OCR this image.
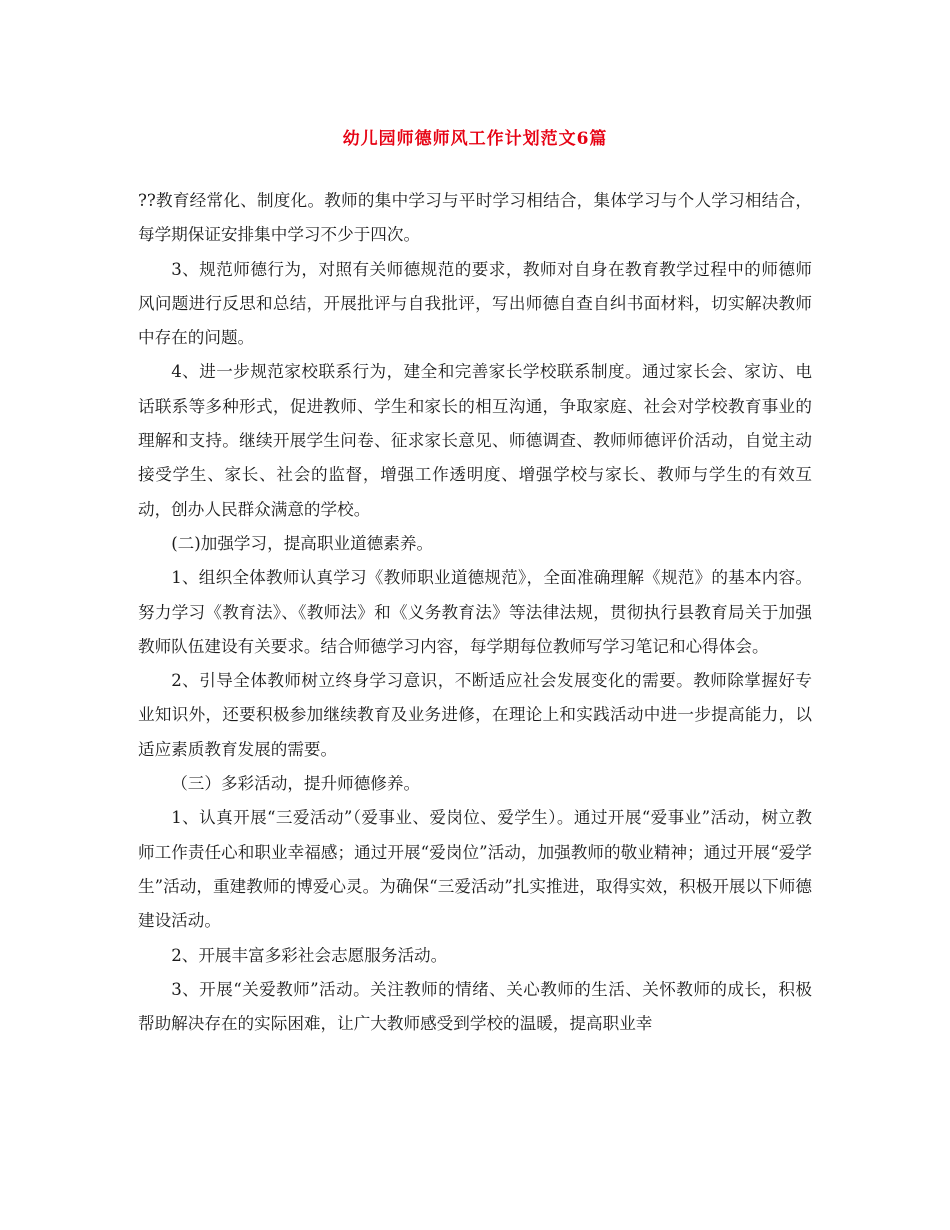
幼儿园师德师风工作计划范文6篇

??教育经常化、制度化。教师的集中学习与平时学习相结合，集体学习与个人学习相结合，每学期保证安排集中学习不少于四次。

3、规范师德行为，对照有关师德规范的要求，教师对自身在教育教学过程中的师德师风问题进行反思和总结，开展批评与自我批评，写出师德自查自纠书面材料，切实解决教师中存在的问题。

4、进一步规范家校联系行为，建全和完善家长学校联系制度。通过家长会、家访、电话联系等多种形式，促进教师、学生和家长的相互沟通，争取家庭、社会对学校教育事业的理解和支持。继续开展学生问卷、征求家长意见、师德调查、教师师德评价活动，自觉主动接受学生、家长、社会的监督，增强工作透明度、增强学校与家长、教师与学生的有效互动，创办人民群众满意的学校。

(二)加强学习，提高职业道德素养。

1、组织全体教师认真学习《教师职业道德规范》，全面准确理解《规范》的基本内容。努力学习《教育法》、《教师法》和《义务教育法》等法律法规，贯彻执行县教育局关于加强教师队伍建设有关要求。结合师德学习内容，每学期每位教师写学习笔记和心得体会。

2、引导全体教师树立终身学习意识，不断适应社会发展变化的需要。教师除掌握好专业知识外，还要积极参加继续教育及业务进修，在理论上和实践活动中进一步提高能力，以适应素质教育发展的需要。

（三）多彩活动，提升师德修养。

1、认真开展“三爱活动”（爱事业、爱岗位、爱学生）。通过开展“爱事业”活动，树立教师工作责任心和职业幸福感；通过开展“爱岗位”活动，加强教师的敬业精神；通过开展“爱学生”活动，重建教师的博爱心灵。为确保“三爱活动”扎实推进，取得实效，积极开展以下师德建设活动。

2、开展丰富多彩社会志愿服务活动。

3、开展“关爱教师”活动。关注教师的情绪、关心教师的生活、关怀教师的成长，积极帮助解决存在的实际困难，让广大教师感受到学校的温暖，提高职业幸
